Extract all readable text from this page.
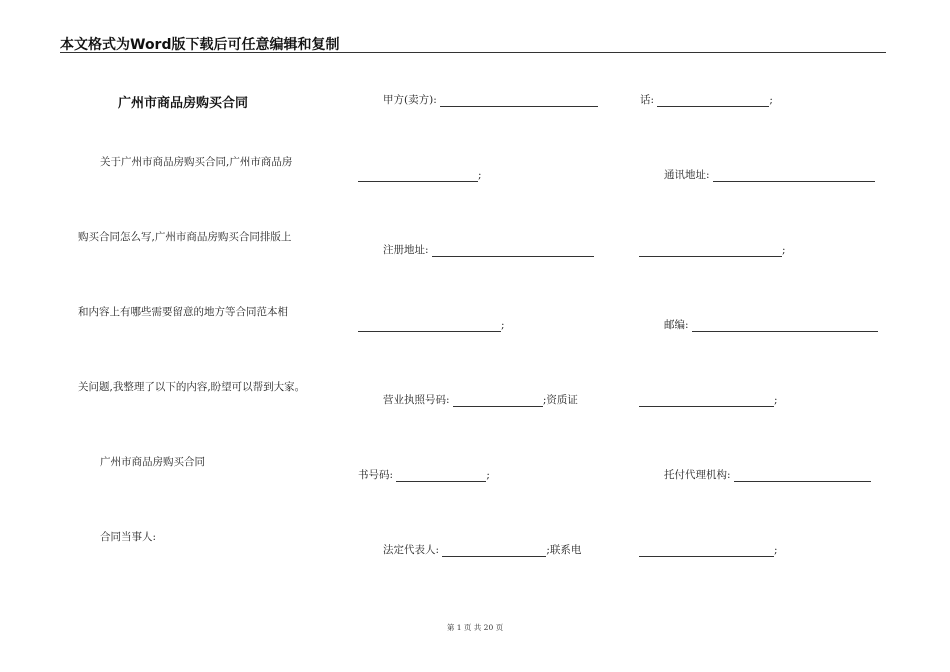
本文格式为Word版下载后可任意编辑和复制
广州市商品房购买合同
关于广州市商品房购买合同,广州市商品房
购买合同怎么写,广州市商品房购买合同排版上
和内容上有哪些需要留意的地方等合同范本相
关问题,我整理了以下的内容,盼望可以帮到大家。
广州市商品房购买合同
合同当事人:
甲方(卖方):
;
注册地址:
;
营业执照号码:	;资质证
书号码:	;
法定代表人:	;联系电
话:	;
通讯地址:
;
邮编:
;
托付代理机构:
;
第 1 页 共 20 页
